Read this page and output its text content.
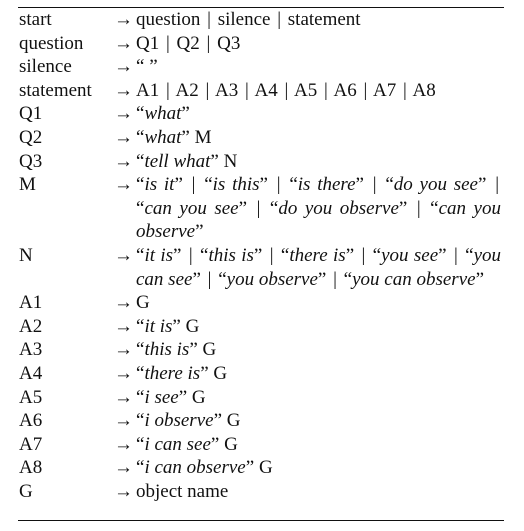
start	→ question | silence | statement
question	→ Q1 | Q2 | Q3
silence	→ “ ”
statement	→ A1 | A2 | A3 | A4 | A5 | A6 | A7 | A8
Q1	→ “what”
Q2	→ “what” M
Q3	→ “tell what” N
M	→ “is it” | “is this” | “is there” | “do you see” | “can you see” | “do you observe” | “can you observe”
N	→ “it is” | “this is” | “there is” | “you see” | “you can see” | “you observe” | “you can observe”
A1	→ G
A2	→ “it is” G
A3	→ “this is” G
A4	→ “there is” G
A5	→ “i see” G
A6	→ “i observe” G
A7	→ “i can see” G
A8	→ “i can observe” G
G	→ object name
